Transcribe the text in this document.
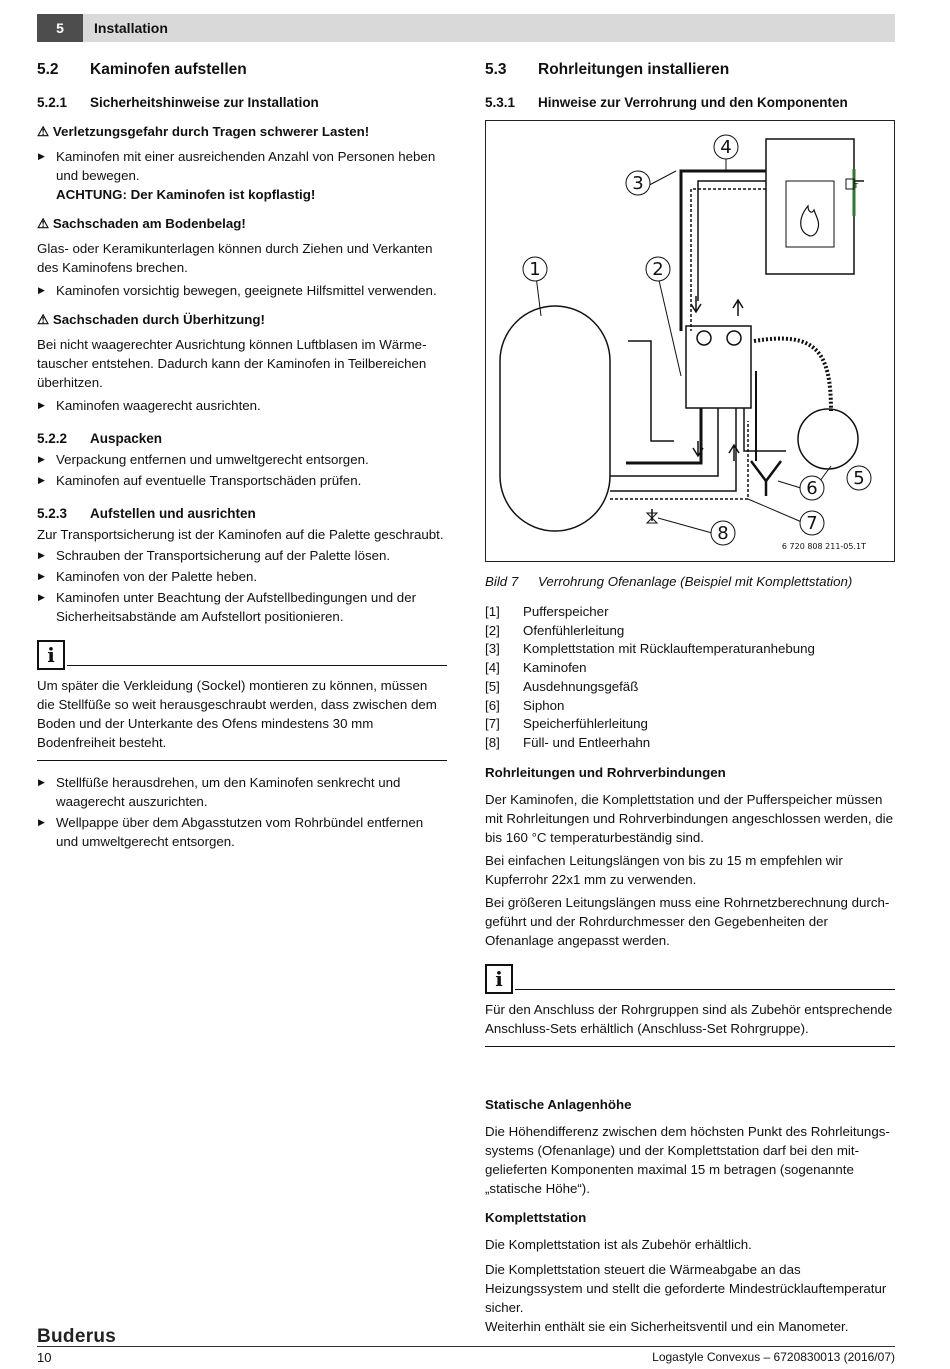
5	Installation
5.2	Kaminofen aufstellen
5.2.1	Sicherheitshinweise zur Installation
⚠ Verletzungsgefahr durch Tragen schwerer Lasten!
▶ Kaminofen mit einer ausreichenden Anzahl von Personen heben und bewegen.
ACHTUNG: Der Kaminofen ist kopflastig!
⚠ Sachschaden am Bodenbelag!

Glas- oder Keramikunterlagen können durch Ziehen und Verkanten des Kaminofens brechen.

▶ Kaminofen vorsichtig bewegen, geeignete Hilfsmittel verwenden.
⚠ Sachschaden durch Überhitzung!

Bei nicht waagerechter Ausrichtung können Luftblasen im Wärmetauscher entstehen. Dadurch kann der Kaminofen in Teilbereichen überhitzen.

▶ Kaminofen waagerecht ausrichten.
5.2.2	Auspacken
▶ Verpackung entfernen und umweltgerecht entsorgen.
▶ Kaminofen auf eventuelle Transportschäden prüfen.
5.2.3	Aufstellen und ausrichten

Zur Transportsicherung ist der Kaminofen auf die Palette geschraubt.

▶ Schrauben der Transportsicherung auf der Palette lösen.
▶ Kaminofen von der Palette heben.
▶ Kaminofen unter Beachtung der Aufstellbedingungen und der Sicherheitsabstände am Aufstellort positionieren.
i
Um später die Verkleidung (Sockel) montieren zu können, müssen die Stellfüße so weit herausgeschraubt werden, dass zwischen dem Boden und der Unterkante des Ofens mindestens 30 mm Bodenfreiheit besteht.
▶ Stellfüße herausdrehen, um den Kaminofen senkrecht und waagerecht auszurichten.
▶ Wellpappe über dem Abgasstutzen vom Rohrbündel entfernen und umweltgerecht entsorgen.
5.3	Rohrleitungen installieren
5.3.1	Hinweise zur Verrohrung und den Komponenten
1	2
3
4
5
6
7
8
T
6 720 808 211-05.1T
Bild 7	Verrohrung Ofenanlage (Beispiel mit Komplettstation)
[1]	Pufferspeicher
[2]	Ofenfühlerleitung
[3]	Komplettstation mit Rücklauftemperaturanhebung
[4]	Kaminofen
[5]	Ausdehnungsgefäß
[6]	Siphon
[7]	Speicherfühlerleitung
[8]	Füll- und Entleerhahn
Rohrleitungen und Rohrverbindungen

Der Kaminofen, die Komplettstation und der Pufferspeicher müssen mit Rohrleitungen und Rohrverbindungen angeschlossen werden, die bis 160 °C temperaturbeständig sind.

Bei einfachen Leitungslängen von bis zu 15 m empfehlen wir Kupferrohr 22x1 mm zu verwenden.

Bei größeren Leitungslängen muss eine Rohrnetzberechnung durchgeführt und der Rohrdurchmesser den Gegebenheiten der Ofenanlage angepasst werden.

i
Für den Anschluss der Rohrgruppen sind als Zubehör entsprechende Anschluss-Sets erhältlich (Anschluss-Set Rohrgruppe).
Statische Anlagenhöhe

Die Höhendifferenz zwischen dem höchsten Punkt des Rohrleitungssystems (Ofenanlage) und der Komplettstation darf bei den mitgelieferten Komponenten maximal 15 m betragen (sogenannte „statische Höhe“).

Komplettstation

Die Komplettstation ist als Zubehör erhältlich.

Die Komplettstation steuert die Wärmeabgabe an das Heizungssystem und stellt die geforderte Mindestrücklauftemperatur sicher.
Weiterhin enthält sie ein Sicherheitsventil und ein Manometer.

Buderus
10	Logastyle Convexus – 6720830013 (2016/07)
